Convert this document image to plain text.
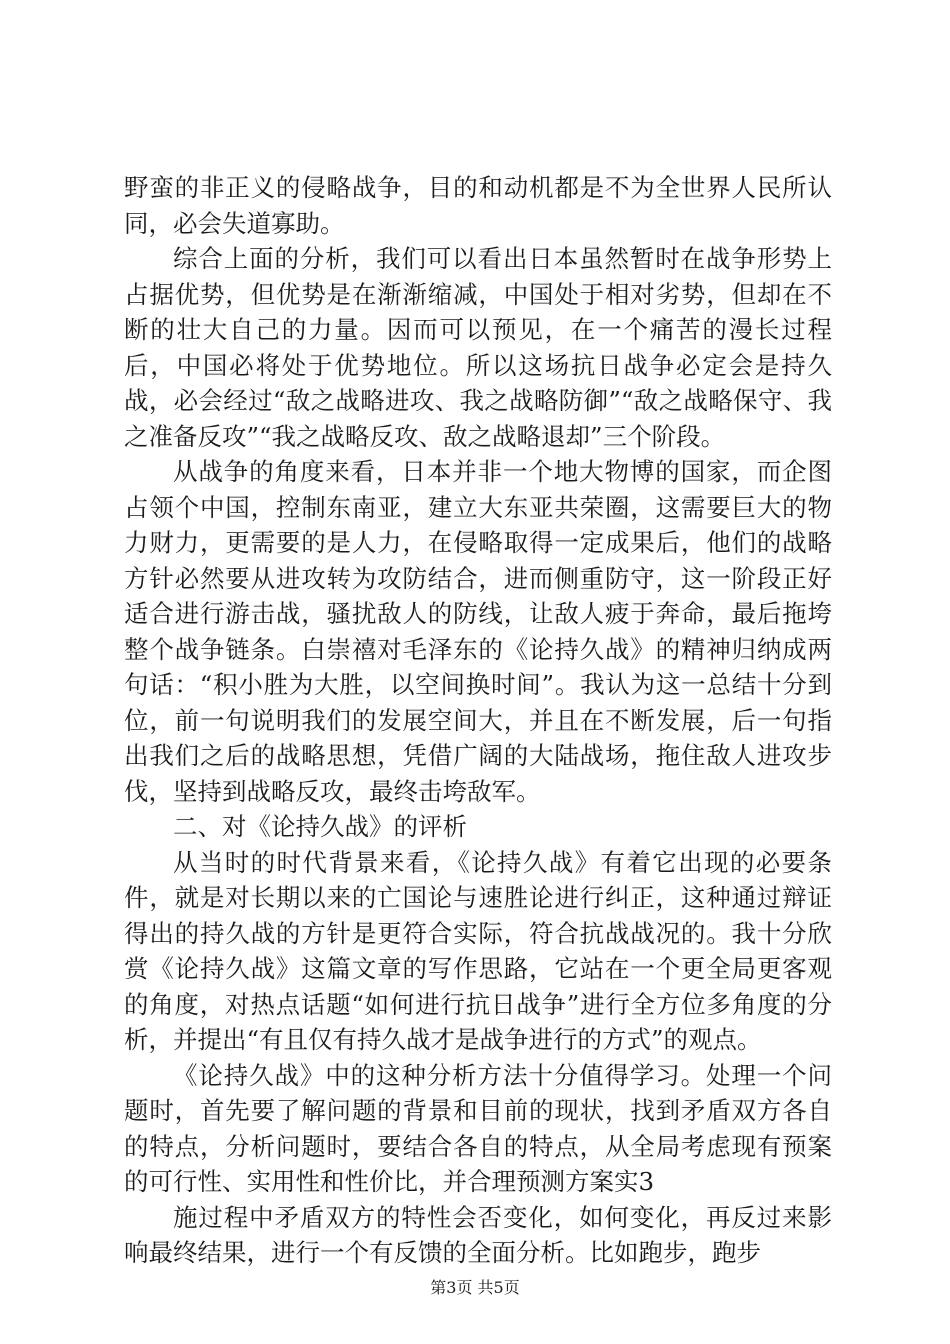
野蛮的非正义的侵略战争，目的和动机都是不为全世界人民所认同，必会失道寡助。

综合上面的分析，我们可以看出日本虽然暂时在战争形势上占据优势，但优势是在渐渐缩减，中国处于相对劣势，但却在不断的壮大自己的力量。因而可以预见，在一个痛苦的漫长过程后，中国必将处于优势地位。所以这场抗日战争必定会是持久战，必会经过“敌之战略进攻、我之战略防御”“敌之战略保守、我之准备反攻”“我之战略反攻、敌之战略退却”三个阶段。

从战争的角度来看，日本并非一个地大物博的国家，而企图占领个中国，控制东南亚，建立大东亚共荣圈，这需要巨大的物力财力，更需要的是人力，在侵略取得一定成果后，他们的战略方针必然要从进攻转为攻防结合，进而侧重防守，这一阶段正好适合进行游击战，骚扰敌人的防线，让敌人疲于奔命，最后拖垮整个战争链条。白崇禧对毛泽东的《论持久战》的精神归纳成两句话：“积小胜为大胜，以空间换时间”。我认为这一总结十分到位，前一句说明我们的发展空间大，并且在不断发展，后一句指出我们之后的战略思想，凭借广阔的大陆战场，拖住敌人进攻步伐，坚持到战略反攻，最终击垮敌军。

二、对《论持久战》的评析

从当时的时代背景来看，《论持久战》有着它出现的必要条件，就是对长期以来的亡国论与速胜论进行纠正，这种通过辩证得出的持久战的方针是更符合实际，符合抗战战况的。我十分欣赏《论持久战》这篇文章的写作思路，它站在一个更全局更客观的角度，对热点话题“如何进行抗日战争”进行全方位多角度的分析，并提出“有且仅有持久战才是战争进行的方式”的观点。

《论持久战》中的这种分析方法十分值得学习。处理一个问题时，首先要了解问题的背景和目前的现状，找到矛盾双方各自的特点，分析问题时，要结合各自的特点，从全局考虑现有预案的可行性、实用性和性价比，并合理预测方案实3

施过程中矛盾双方的特性会否变化，如何变化，再反过来影响最终结果，进行一个有反馈的全面分析。比如跑步，跑步

第3页 共5页
